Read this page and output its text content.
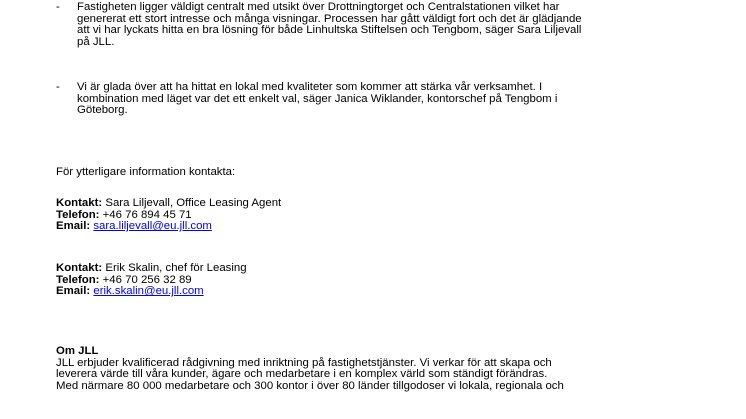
- Fastigheten ligger väldigt centralt med utsikt över Drottningtorget och Centralstationen vilket har
genererat ett stort intresse och många visningar. Processen har gått väldigt fort och det är glädjande
att vi har lyckats hitta en bra lösning för både Linhultska Stiftelsen och Tengbom, säger Sara Liljevall
på JLL.
- Vi är glada över att ha hittat en lokal med kvaliteter som kommer att stärka vår verksamhet. I
kombination med läget var det ett enkelt val, säger Janica Wiklander, kontorschef på Tengbom i
Göteborg.
För ytterligare information kontakta:
Kontakt: Sara Liljevall, Office Leasing Agent
Telefon: +46 76 894 45 71
Email: sara.liljevall@eu.jll.com
Kontakt: Erik Skalin, chef för Leasing
Telefon: +46 70 256 32 89
Email: erik.skalin@eu.jll.com
Om JLL
JLL erbjuder kvalificerad rådgivning med inriktning på fastighetstjänster. Vi verkar för att skapa och
leverera värde till våra kunder, ägare och medarbetare i en komplex värld som ständigt förändras.
Med närmare 80 000 medarbetare och 300 kontor i över 80 länder tillgodoser vi lokala, regionala och
